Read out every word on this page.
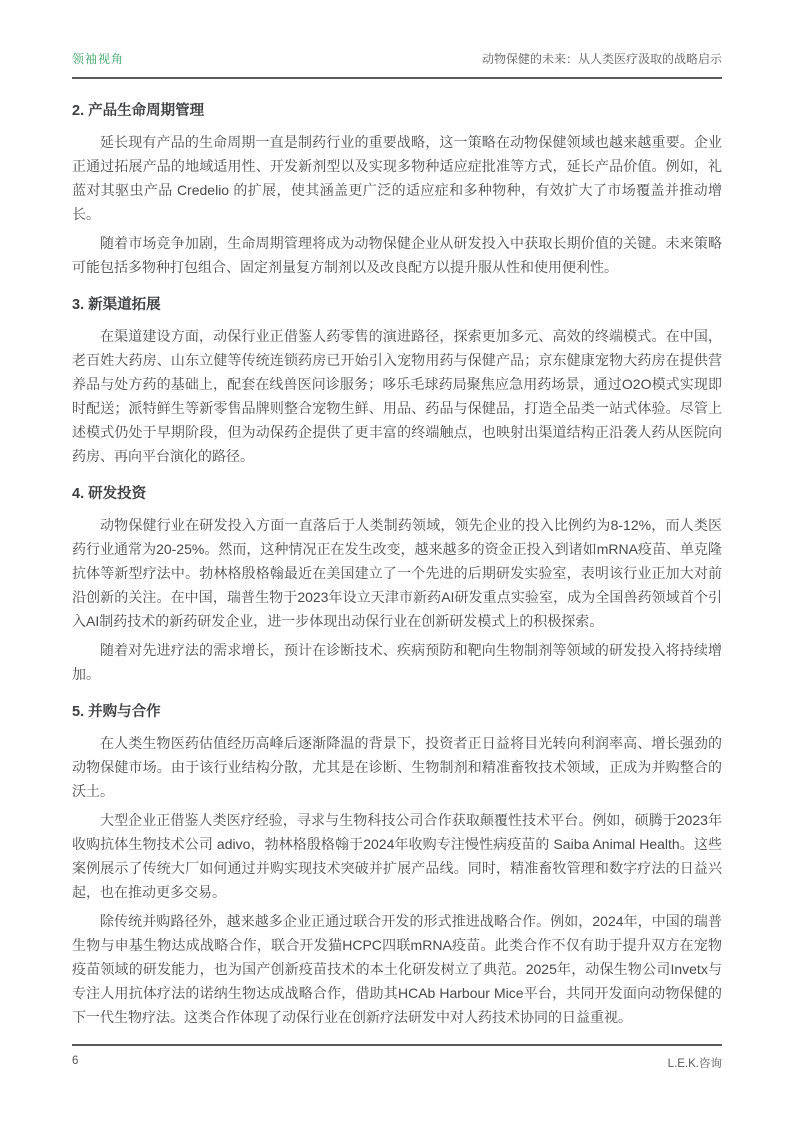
领袖视角	动物保健的未来：从人类医疗汲取的战略启示
2. 产品生命周期管理

延长现有产品的生命周期一直是制药行业的重要战略，这一策略在动物保健领域也越来越重要。企业正通过拓展产品的地域适用性、开发新剂型以及实现多物种适应症批准等方式，延长产品价值。例如，礼蓝对其驱虫产品 Credelio 的扩展，使其涵盖更广泛的适应症和多种物种，有效扩大了市场覆盖并推动增长。

随着市场竞争加剧，生命周期管理将成为动物保健企业从研发投入中获取长期价值的关键。未来策略可能包括多物种打包组合、固定剂量复方制剂以及改良配方以提升服从性和使用便利性。

3. 新渠道拓展

在渠道建设方面，动保行业正借鉴人药零售的演进路径，探索更加多元、高效的终端模式。在中国，老百姓大药房、山东立健等传统连锁药房已开始引入宠物用药与保健产品；京东健康宠物大药房在提供营养品与处方药的基础上，配套在线兽医问诊服务；哆乐毛球药局聚焦应急用药场景，通过O2O模式实现即时配送；派特鲜生等新零售品牌则整合宠物生鲜、用品、药品与保健品，打造全品类一站式体验。尽管上述模式仍处于早期阶段，但为动保药企提供了更丰富的终端触点，也映射出渠道结构正沿袭人药从医院向药房、再向平台演化的路径。

4. 研发投资

动物保健行业在研发投入方面一直落后于人类制药领域，领先企业的投入比例约为8-12%，而人类医药行业通常为20-25%。然而，这种情况正在发生改变，越来越多的资金正投入到诸如mRNA疫苗、单克隆抗体等新型疗法中。勃林格殷格翰最近在美国建立了一个先进的后期研发实验室，表明该行业正加大对前沿创新的关注。在中国，瑞普生物于2023年设立天津市新药AI研发重点实验室，成为全国兽药领域首个引入AI制药技术的新药研发企业，进一步体现出动保行业在创新研发模式上的积极探索。

随着对先进疗法的需求增长，预计在诊断技术、疾病预防和靶向生物制剂等领域的研发投入将持续增加。

5. 并购与合作

在人类生物医药估值经历高峰后逐渐降温的背景下，投资者正日益将目光转向利润率高、增长强劲的动物保健市场。由于该行业结构分散，尤其是在诊断、生物制剂和精准畜牧技术领域，正成为并购整合的沃土。

大型企业正借鉴人类医疗经验，寻求与生物科技公司合作获取颠覆性技术平台。例如，硕腾于2023年收购抗体生物技术公司 adivo，勃林格殷格翰于2024年收购专注慢性病疫苗的 Saiba Animal Health。这些案例展示了传统大厂如何通过并购实现技术突破并扩展产品线。同时，精准畜牧管理和数字疗法的日益兴起，也在推动更多交易。

除传统并购路径外，越来越多企业正通过联合开发的形式推进战略合作。例如，2024年，中国的瑞普生物与申基生物达成战略合作，联合开发猫HCPC四联mRNA疫苗。此类合作不仅有助于提升双方在宠物疫苗领域的研发能力，也为国产创新疫苗技术的本土化研发树立了典范。2025年，动保生物公司Invetx与专注人用抗体疗法的诺纳生物达成战略合作，借助其HCAb Harbour Mice平台，共同开发面向动物保健的下一代生物疗法。这类合作体现了动保行业在创新疗法研发中对人药技术协同的日益重视。

6	L.E.K.咨询
